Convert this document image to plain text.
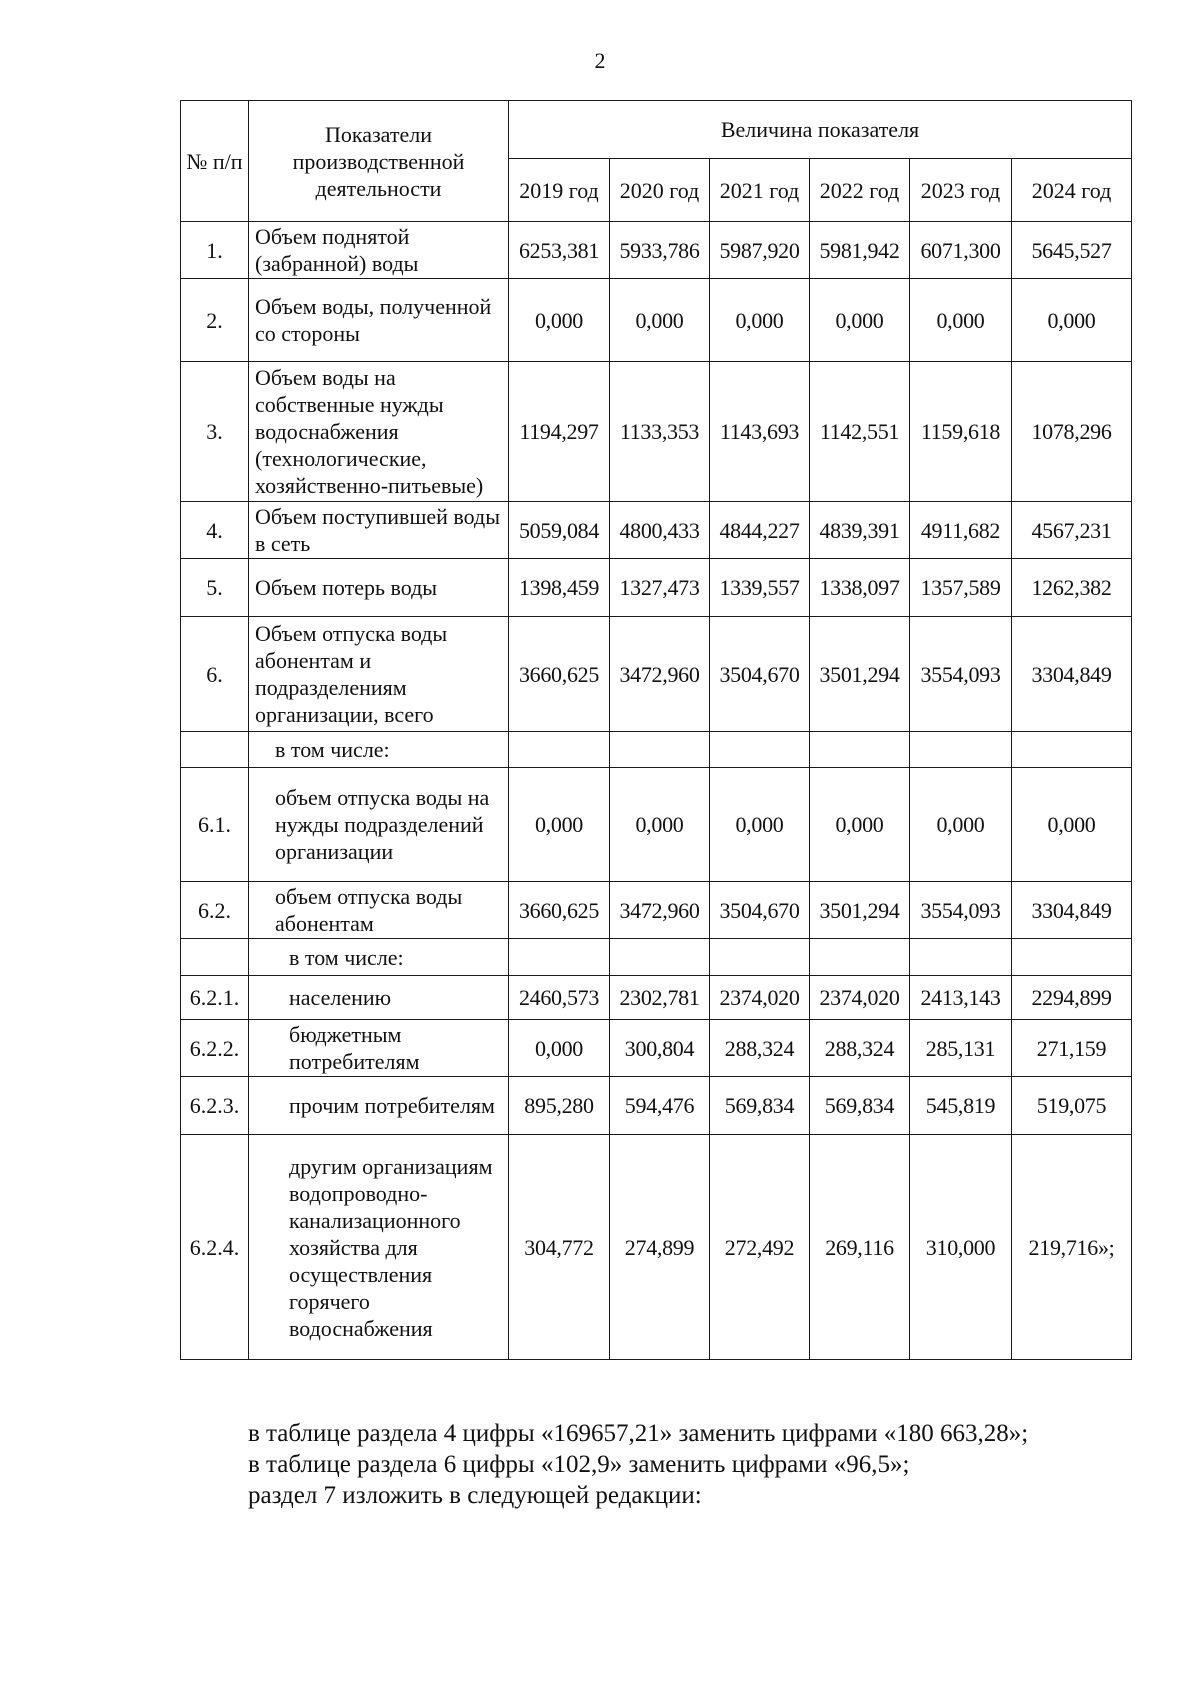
2
№ п/п	Показатели производственной деятельности	Величина показателя					
		2019 год	2020 год	2021 год	2022 год	2023 год	2024 год
1.	Объем поднятой (забранной) воды	6253,381	5933,786	5987,920	5981,942	6071,300	5645,527
2.	Объем воды, полученной со стороны	0,000	0,000	0,000	0,000	0,000	0,000
3.	Объем воды на собственные нужды водоснабжения (технологические, хозяйственно-питьевые)	1194,297	1133,353	1143,693	1142,551	1159,618	1078,296
4.	Объем поступившей воды в сеть	5059,084	4800,433	4844,227	4839,391	4911,682	4567,231
5.	Объем потерь воды	1398,459	1327,473	1339,557	1338,097	1357,589	1262,382
6.	Объем отпуска воды абонентам и подразделениям организации, всего	3660,625	3472,960	3504,670	3501,294	3554,093	3304,849
	в том числе:						
6.1.	объем отпуска воды на нужды подразделений организации	0,000	0,000	0,000	0,000	0,000	0,000
6.2.	объем отпуска воды абонентам	3660,625	3472,960	3504,670	3501,294	3554,093	3304,849
	в том числе:						
6.2.1.	населению	2460,573	2302,781	2374,020	2374,020	2413,143	2294,899
6.2.2.	бюджетным потребителям	0,000	300,804	288,324	288,324	285,131	271,159
6.2.3.	прочим потребителям	895,280	594,476	569,834	569,834	545,819	519,075
6.2.4.	другим организациям водопроводно-канализационного хозяйства для осуществления горячего водоснабжения	304,772	274,899	272,492	269,116	310,000	219,716»;
в таблице раздела 4 цифры «169657,21» заменить цифрами «180 663,28»;
в таблице раздела 6 цифры «102,9» заменить цифрами «96,5»;
раздел 7 изложить в следующей редакции:
